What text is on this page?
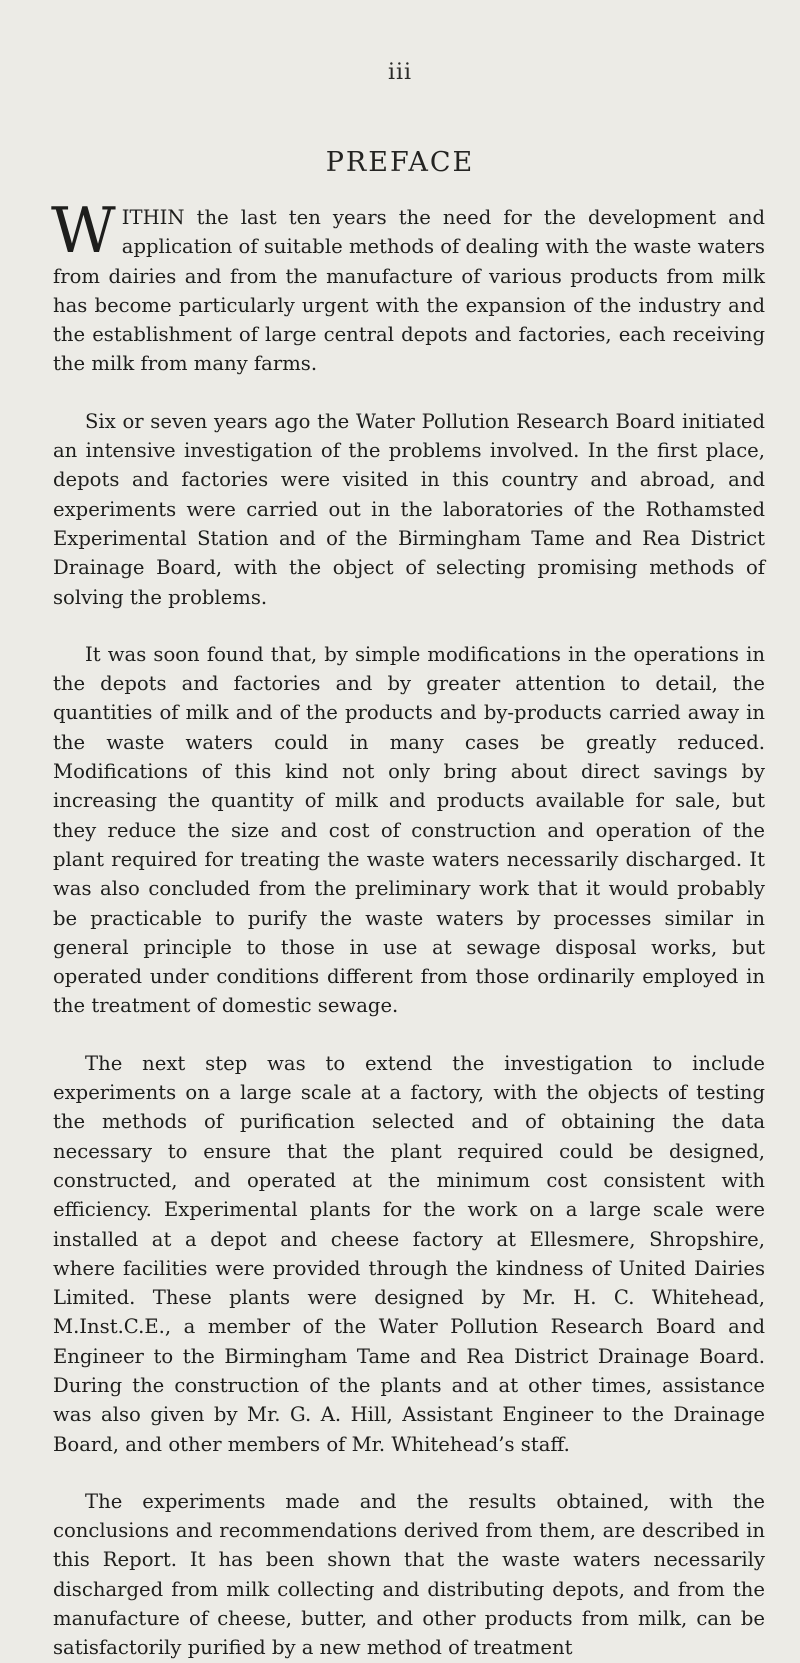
iii
PREFACE

WITHIN the last ten years the need for the development and application of suitable methods of dealing with the waste waters from dairies and from the manufacture of various products from milk has become particularly urgent with the expansion of the industry and the establishment of large central depots and factories, each receiving the milk from many farms.

Six or seven years ago the Water Pollution Research Board initiated an intensive investigation of the problems involved. In the first place, depots and factories were visited in this country and abroad, and experiments were carried out in the laboratories of the Rothamsted Experimental Station and of the Birmingham Tame and Rea District Drainage Board, with the object of selecting promising methods of solving the problems.

It was soon found that, by simple modifications in the operations in the depots and factories and by greater attention to detail, the quantities of milk and of the products and by-products carried away in the waste waters could in many cases be greatly reduced. Modifications of this kind not only bring about direct savings by increasing the quantity of milk and products available for sale, but they reduce the size and cost of construction and operation of the plant required for treating the waste waters necessarily discharged. It was also concluded from the preliminary work that it would probably be practicable to purify the waste waters by processes similar in general principle to those in use at sewage disposal works, but operated under conditions different from those ordinarily employed in the treatment of domestic sewage.

The next step was to extend the investigation to include experiments on a large scale at a factory, with the objects of testing the methods of purification selected and of obtaining the data necessary to ensure that the plant required could be designed, constructed, and operated at the minimum cost consistent with efficiency. Experimental plants for the work on a large scale were installed at a depot and cheese factory at Ellesmere, Shropshire, where facilities were provided through the kindness of United Dairies Limited. These plants were designed by Mr. H. C. Whitehead, M.Inst.C.E., a member of the Water Pollution Research Board and Engineer to the Birmingham Tame and Rea District Drainage Board. During the construction of the plants and at other times, assistance was also given by Mr. G. A. Hill, Assistant Engineer to the Drainage Board, and other members of Mr. Whitehead’s staff.

The experiments made and the results obtained, with the conclusions and recommendations derived from them, are described in this Report. It has been shown that the waste waters necessarily discharged from milk collecting and distributing depots, and from the manufacture of cheese, butter, and other products from milk, can be satisfactorily purified by a new method of treatment
